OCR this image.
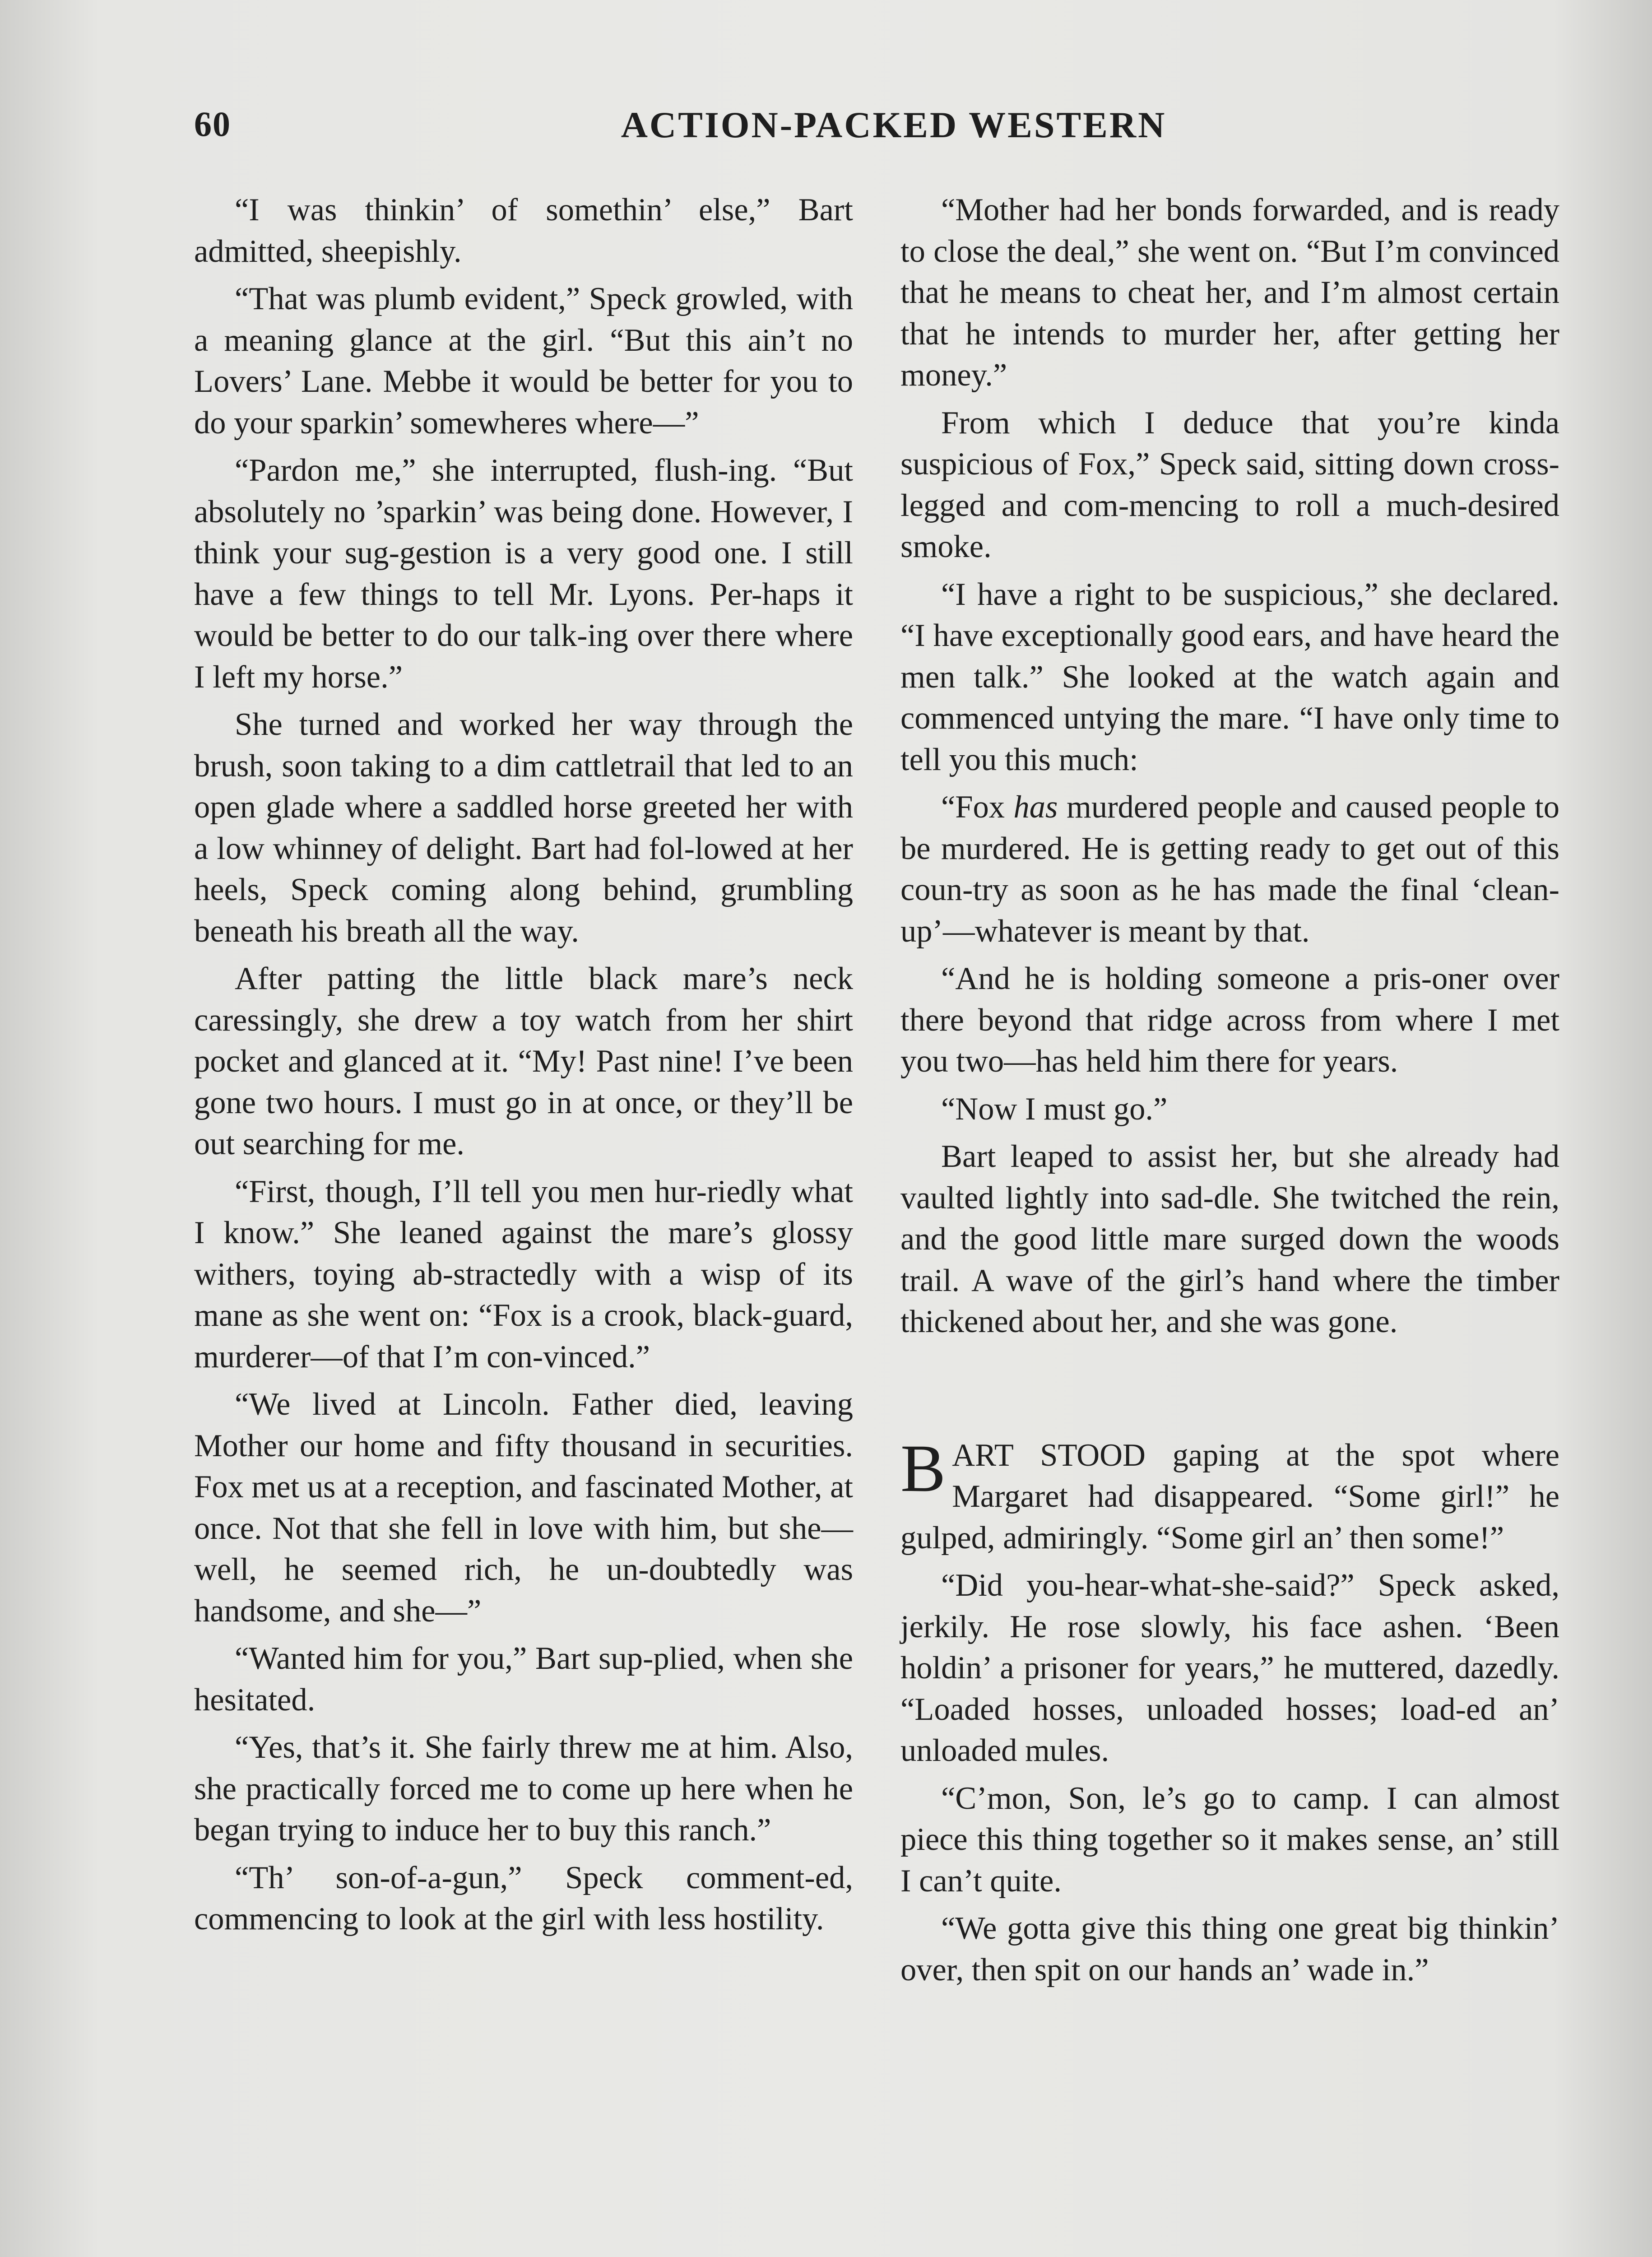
60	ACTION-PACKED WESTERN

“I was thinkin’ of somethin’ else,” Bart admitted, sheepishly.

“That was plumb evident,” Speck growled, with a meaning glance at the girl. “But this ain’t no Lovers’ Lane. Mebbe it would be better for you to do your sparkin’ somewheres where—”

“Pardon me,” she interrupted, flush-ing. “But absolutely no ’sparkin’ was being done. However, I think your sug-gestion is a very good one. I still have a few things to tell Mr. Lyons. Per-haps it would be better to do our talk-ing over there where I left my horse.”

She turned and worked her way through the brush, soon taking to a dim cattletrail that led to an open glade where a saddled horse greeted her with a low whinney of delight. Bart had fol-lowed at her heels, Speck coming along behind, grumbling beneath his breath all the way.

After patting the little black mare’s neck caressingly, she drew a toy watch from her shirt pocket and glanced at it. “My! Past nine! I’ve been gone two hours. I must go in at once, or they’ll be out searching for me.

“First, though, I’ll tell you men hur-riedly what I know.” She leaned against the mare’s glossy withers, toying ab-stractedly with a wisp of its mane as she went on: “Fox is a crook, black-guard, murderer—of that I’m con-vinced.”

“We lived at Lincoln. Father died, leaving Mother our home and fifty thousand in securities. Fox met us at a reception, and fascinated Mother, at once. Not that she fell in love with him, but she—well, he seemed rich, he un-doubtedly was handsome, and she—”

“Wanted him for you,” Bart sup-plied, when she hesitated.

“Yes, that’s it. She fairly threw me at him. Also, she practically forced me to come up here when he began trying to induce her to buy this ranch.”

“Th’ son-of-a-gun,” Speck comment-ed, commencing to look at the girl with less hostility.

“Mother had her bonds forwarded, and is ready to close the deal,” she went on. “But I’m convinced that he means to cheat her, and I’m almost certain that he intends to murder her, after getting her money.”

From which I deduce that you’re kinda suspicious of Fox,” Speck said, sitting down cross-legged and com-mencing to roll a much-desired smoke.

“I have a right to be suspicious,” she declared. “I have exceptionally good ears, and have heard the men talk.” She looked at the watch again and commenced untying the mare. “I have only time to tell you this much:

“Fox has murdered people and caused people to be murdered. He is getting ready to get out of this coun-try as soon as he has made the final ‘clean-up’—whatever is meant by that.

“And he is holding someone a pris-oner over there beyond that ridge across from where I met you two—has held him there for years.

“Now I must go.”

Bart leaped to assist her, but she already had vaulted lightly into sad-dle. She twitched the rein, and the good little mare surged down the woods trail. A wave of the girl’s hand where the timber thickened about her, and she was gone.

BART STOOD gaping at the spot where Margaret had disappeared. “Some girl!” he gulped, admiringly. “Some girl an’ then some!”

“Did you-hear-what-she-said?” Speck asked, jerkily. He rose slowly, his face ashen. ‘Been holdin’ a prisoner for years,” he muttered, dazedly. “Loaded hosses, unloaded hosses; load-ed an’ unloaded mules.

“C’mon, Son, le’s go to camp. I can almost piece this thing together so it makes sense, an’ still I can’t quite.

“We gotta give this thing one great big thinkin’ over, then spit on our hands an’ wade in.”
